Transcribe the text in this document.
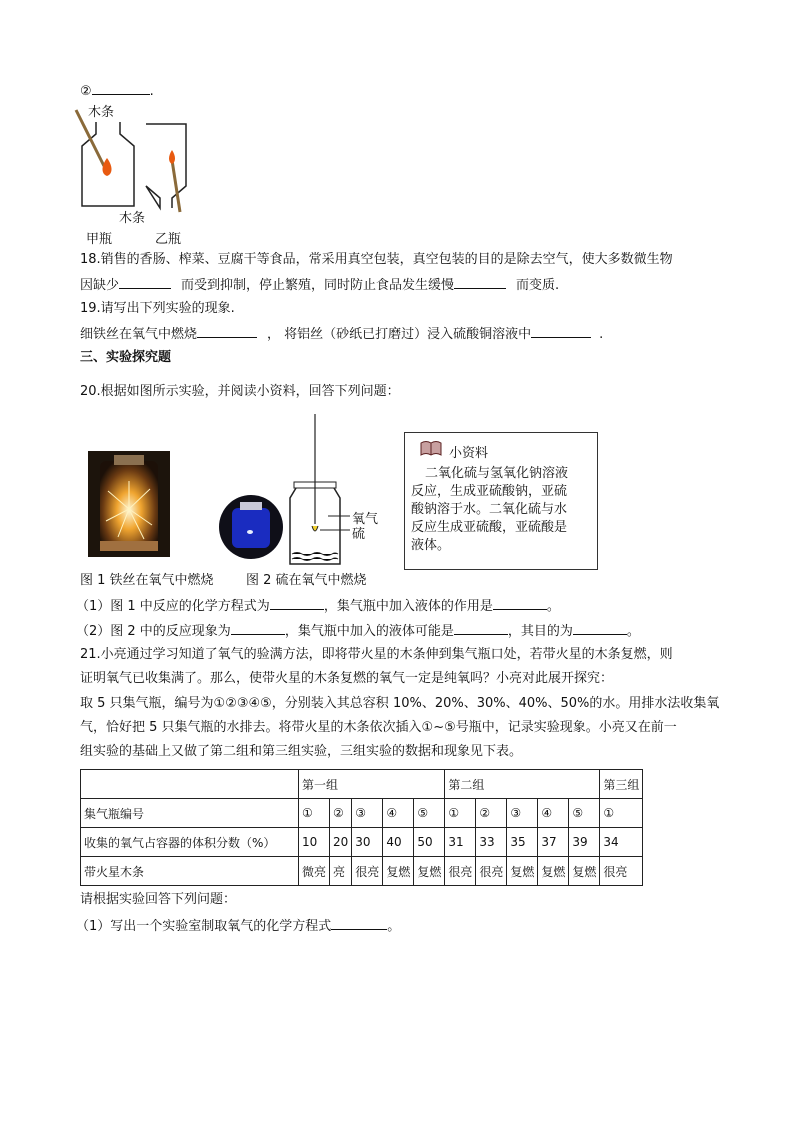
②	.
木条
木条
甲瓶	乙瓶
18.销售的香肠、榨菜、豆腐干等食品，常采用真空包装，真空包装的目的是除去空气，使大多数微生物
因缺少	而受到抑制，停止繁殖，同时防止食品发生缓慢	而变质.
19.请写出下列实验的现象.
细铁丝在氧气中燃烧	， 将铝丝（砂纸已打磨过）浸入硫酸铜溶液中	.
三、实验探究题
20.根据如图所示实验，并阅读小资料，回答下列问题：
氧气
硫
小资料
二氧化硫与氢氧化钠溶液
反应，生成亚硫酸钠，亚硫
酸钠溶于水。二氧化硫与水
反应生成亚硫酸，亚硫酸是
液体。
图 1 铁丝在氧气中燃烧 图 2 硫在氧气中燃烧
（1）图 1 中反应的化学方程式为	，集气瓶中加入液体的作用是	。
（2）图 2 中的反应现象为	，集气瓶中加入的液体可能是	，其目的为	。
21.小亮通过学习知道了氧气的验满方法，即将带火星的木条伸到集气瓶口处，若带火星的木条复燃，则
证明氧气已收集满了。那么，使带火星的木条复燃的氧气一定是纯氧吗？小亮对此展开探究：
取 5 只集气瓶，编号为①②③④⑤，分别装入其总容积 10%、20%、30%、40%、50%的水。用排水法收集氧
气，恰好把 5 只集气瓶的水排去。将带火星的木条依次插入①~⑤号瓶中，记录实验现象。小亮又在前一
组实验的基础上又做了第二组和第三组实验，三组实验的数据和现象见下表。
	第一组					第二组					第三组
集气瓶编号	①	②	③	④	⑤	①	②	③	④	⑤	①
收集的氧气占容器的体积分数（%）	10	20	30	40	50	31	33	35	37	39	34
带火星木条	微亮	亮	很亮	复燃	复燃	很亮	很亮	复燃	复燃	复燃	很亮
请根据实验回答下列问题：
（1）写出一个实验室制取氧气的化学方程式	。
